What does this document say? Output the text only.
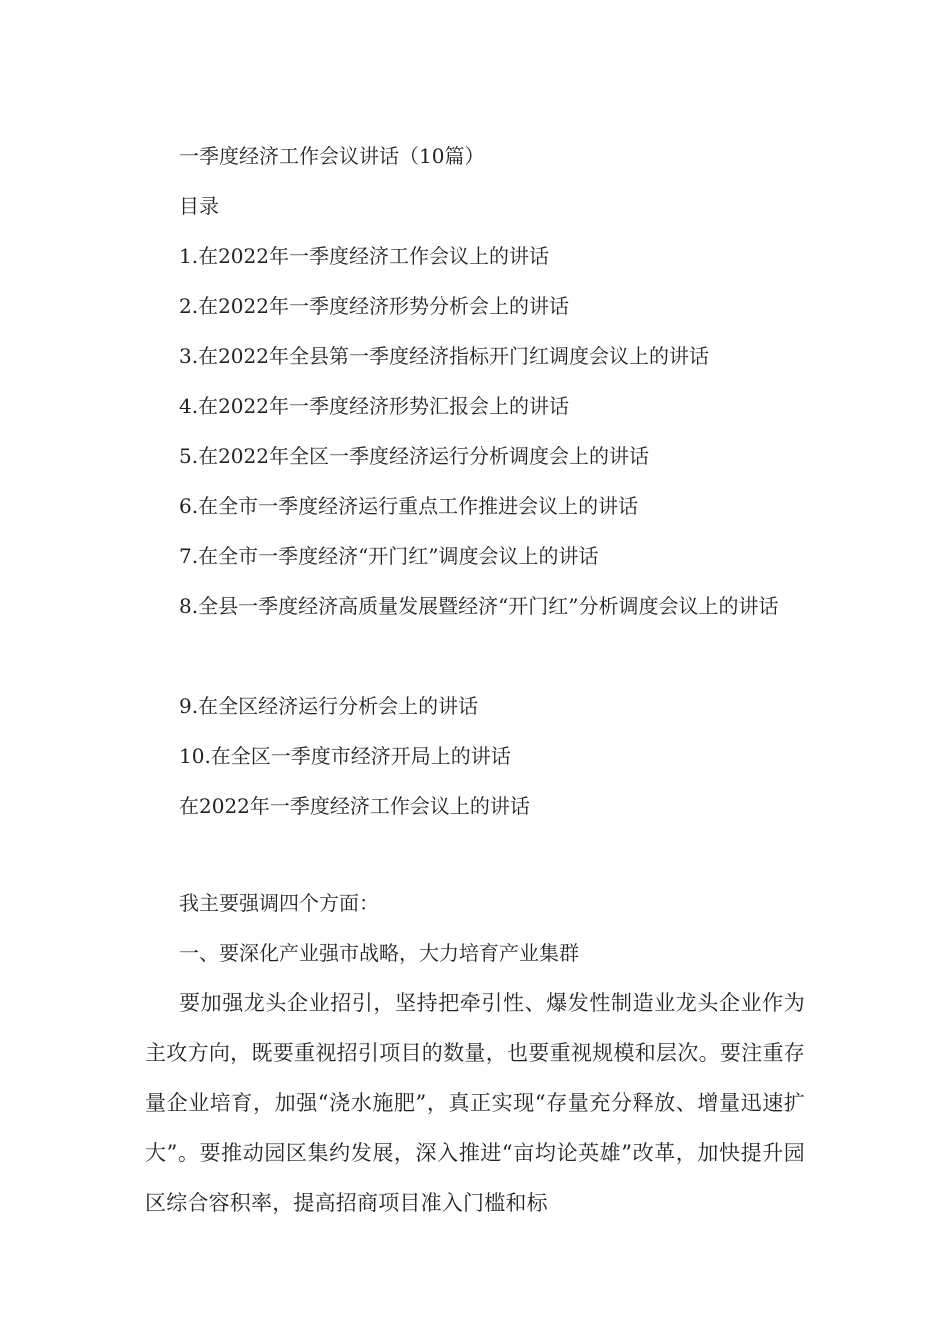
一季度经济工作会议讲话（10篇）
目录
1.在2022年一季度经济工作会议上的讲话
2.在2022年一季度经济形势分析会上的讲话
3.在2022年全县第一季度经济指标开门红调度会议上的讲话
4.在2022年一季度经济形势汇报会上的讲话
5.在2022年全区一季度经济运行分析调度会上的讲话
6.在全市一季度经济运行重点工作推进会议上的讲话
7.在全市一季度经济“开门红”调度会议上的讲话
8.全县一季度经济高质量发展暨经济“开门红”分析调度会议上的讲话
9.在全区经济运行分析会上的讲话
10.在全区一季度市经济开局上的讲话
在2022年一季度经济工作会议上的讲话
我主要强调四个方面：
一、要深化产业强市战略，大力培育产业集群

要加强龙头企业招引，坚持把牵引性、爆发性制造业龙头企业作为主攻方向，既要重视招引项目的数量，也要重视规模和层次。要注重存量企业培育，加强“浇水施肥”，真正实现“存量充分释放、增量迅速扩大”。要推动园区集约发展，深入推进“亩均论英雄”改革，加快提升园区综合容积率，提高招商项目准入门槛和标
